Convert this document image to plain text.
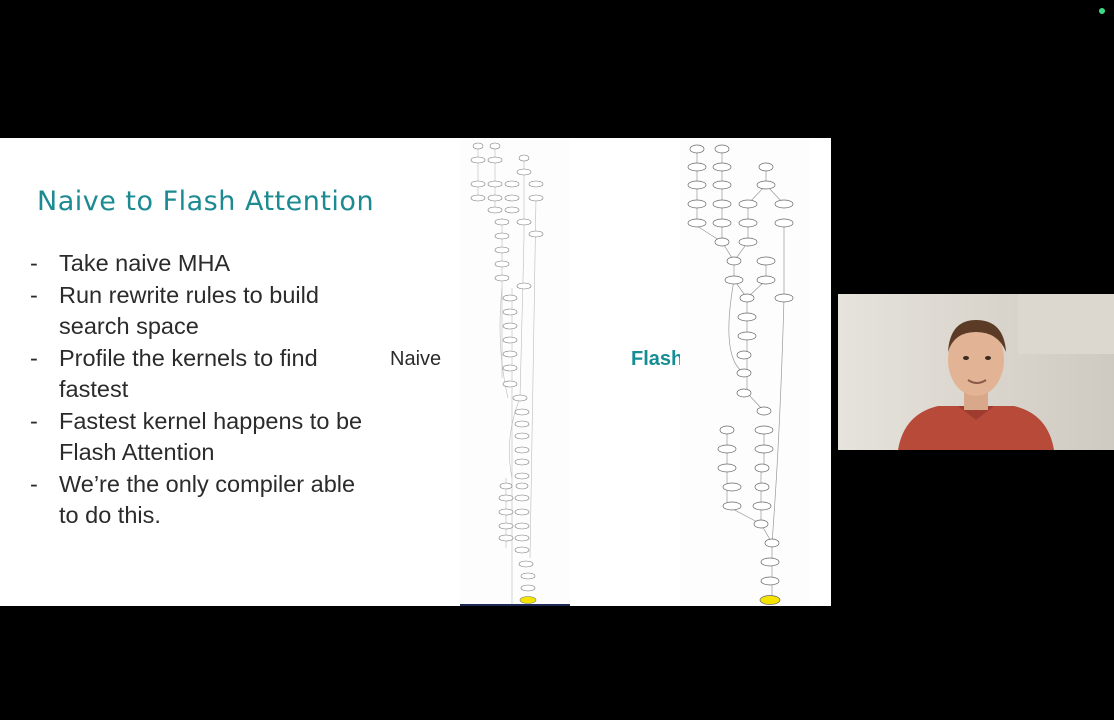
Naive to Flash Attention
- Take naive MHA
- Run rewrite rules to build search space
- Profile the kernels to find fastest
- Fastest kernel happens to be Flash Attention
- We’re the only compiler able to do this.
Naive	Flash
